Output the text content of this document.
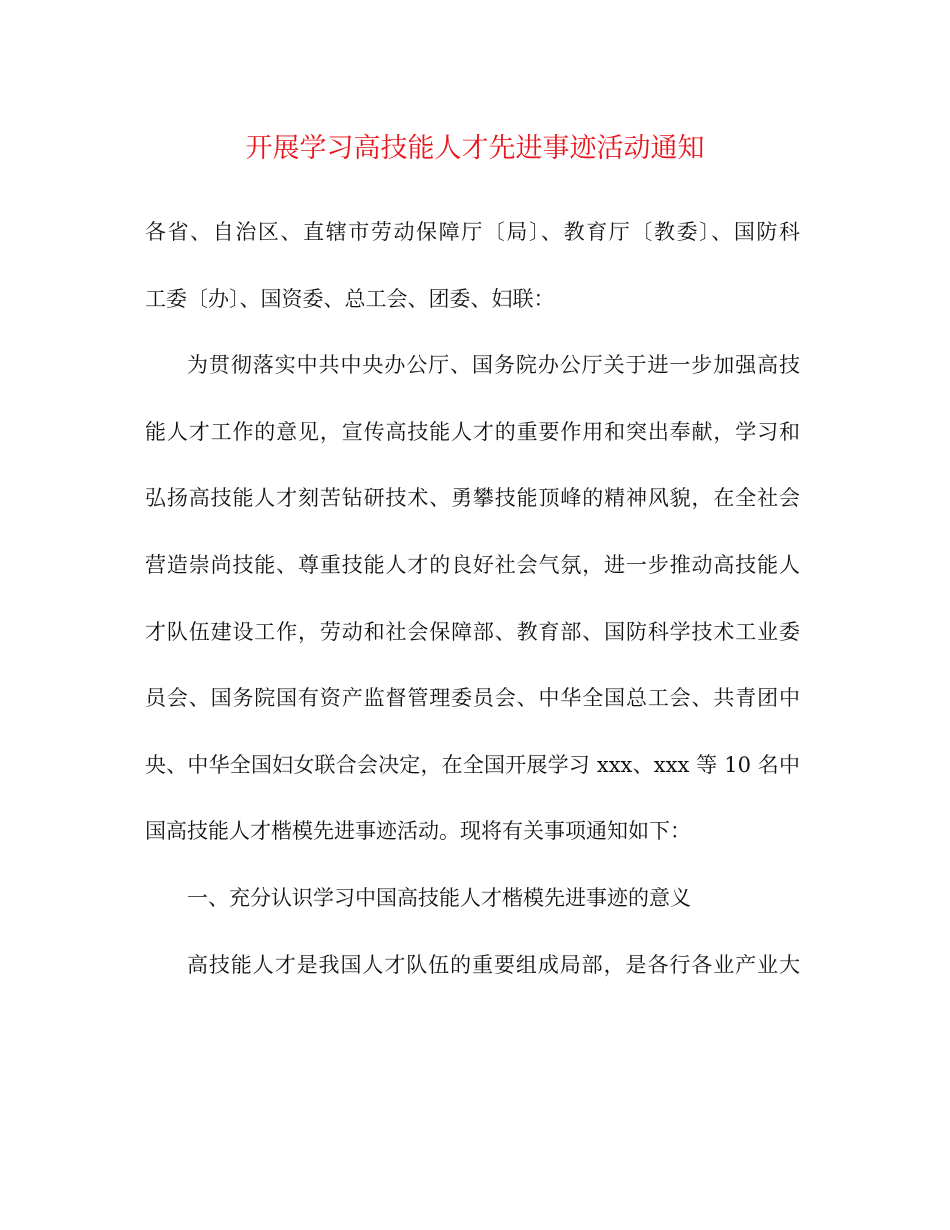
开展学习高技能人才先进事迹活动通知
各省、自治区、直辖市劳动保障厅〔局〕、教育厅〔教委〕、国防科
工委〔办〕、国资委、总工会、团委、妇联：
为贯彻落实中共中央办公厅、国务院办公厅关于进一步加强高技
能人才工作的意见，宣传高技能人才的重要作用和突出奉献，学习和
弘扬高技能人才刻苦钻研技术、勇攀技能顶峰的精神风貌，在全社会
营造崇尚技能、尊重技能人才的良好社会气氛，进一步推动高技能人
才队伍建设工作，劳动和社会保障部、教育部、国防科学技术工业委
员会、国务院国有资产监督管理委员会、中华全国总工会、共青团中
央、中华全国妇女联合会决定，在全国开展学习 xxx、xxx 等 10 名中
国高技能人才楷模先进事迹活动。现将有关事项通知如下：
一、充分认识学习中国高技能人才楷模先进事迹的意义
高技能人才是我国人才队伍的重要组成局部，是各行各业产业大
